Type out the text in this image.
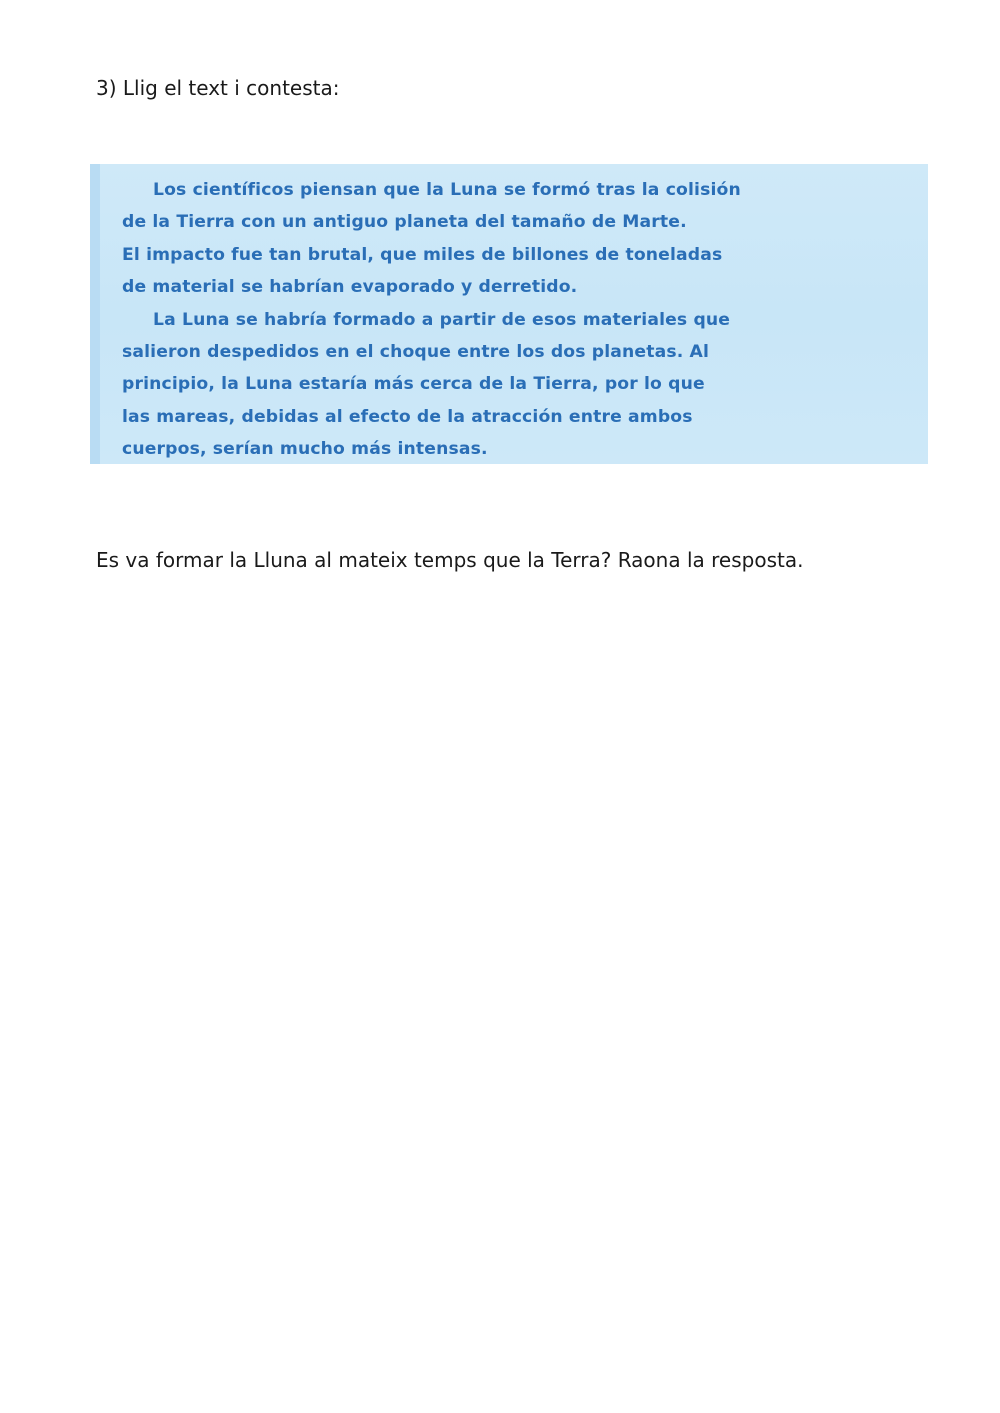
3) Llig el text i contesta:

Los científicos piensan que la Luna se formó tras la colisión
de la Tierra con un antiguo planeta del tamaño de Marte.
El impacto fue tan brutal, que miles de billones de toneladas
de material se habrían evaporado y derretido.
La Luna se habría formado a partir de esos materiales que
salieron despedidos en el choque entre los dos planetas. Al
principio, la Luna estaría más cerca de la Tierra, por lo que
las mareas, debidas al efecto de la atracción entre ambos
cuerpos, serían mucho más intensas.

Es va formar la Lluna al mateix temps que la Terra? Raona la resposta.
